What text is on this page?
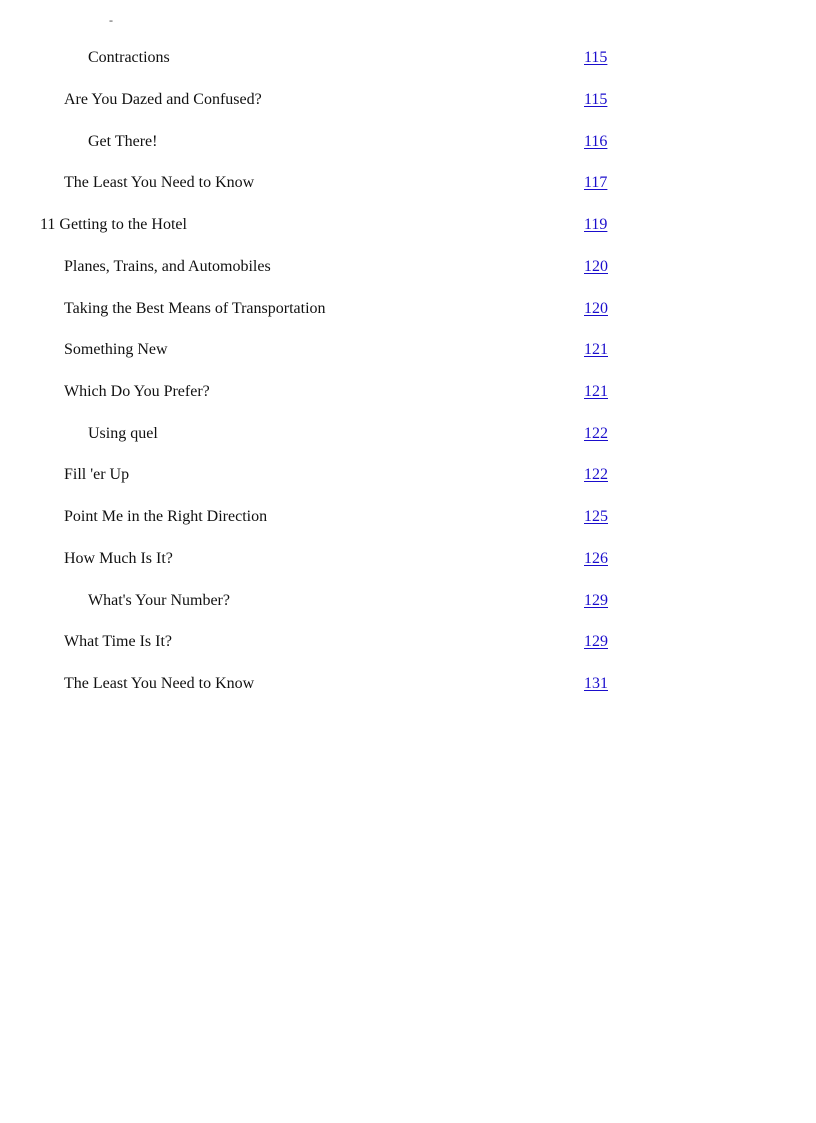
-
Contractions	115
Are You Dazed and Confused?	115
Get There!	116
The Least You Need to Know	117
11 Getting to the Hotel	119
Planes, Trains, and Automobiles	120
Taking the Best Means of Transportation	120
Something New	121
Which Do You Prefer?	121
Using quel	122
Fill 'er Up	122
Point Me in the Right Direction	125
How Much Is It?	126
What's Your Number?	129
What Time Is It?	129
The Least You Need to Know	131
